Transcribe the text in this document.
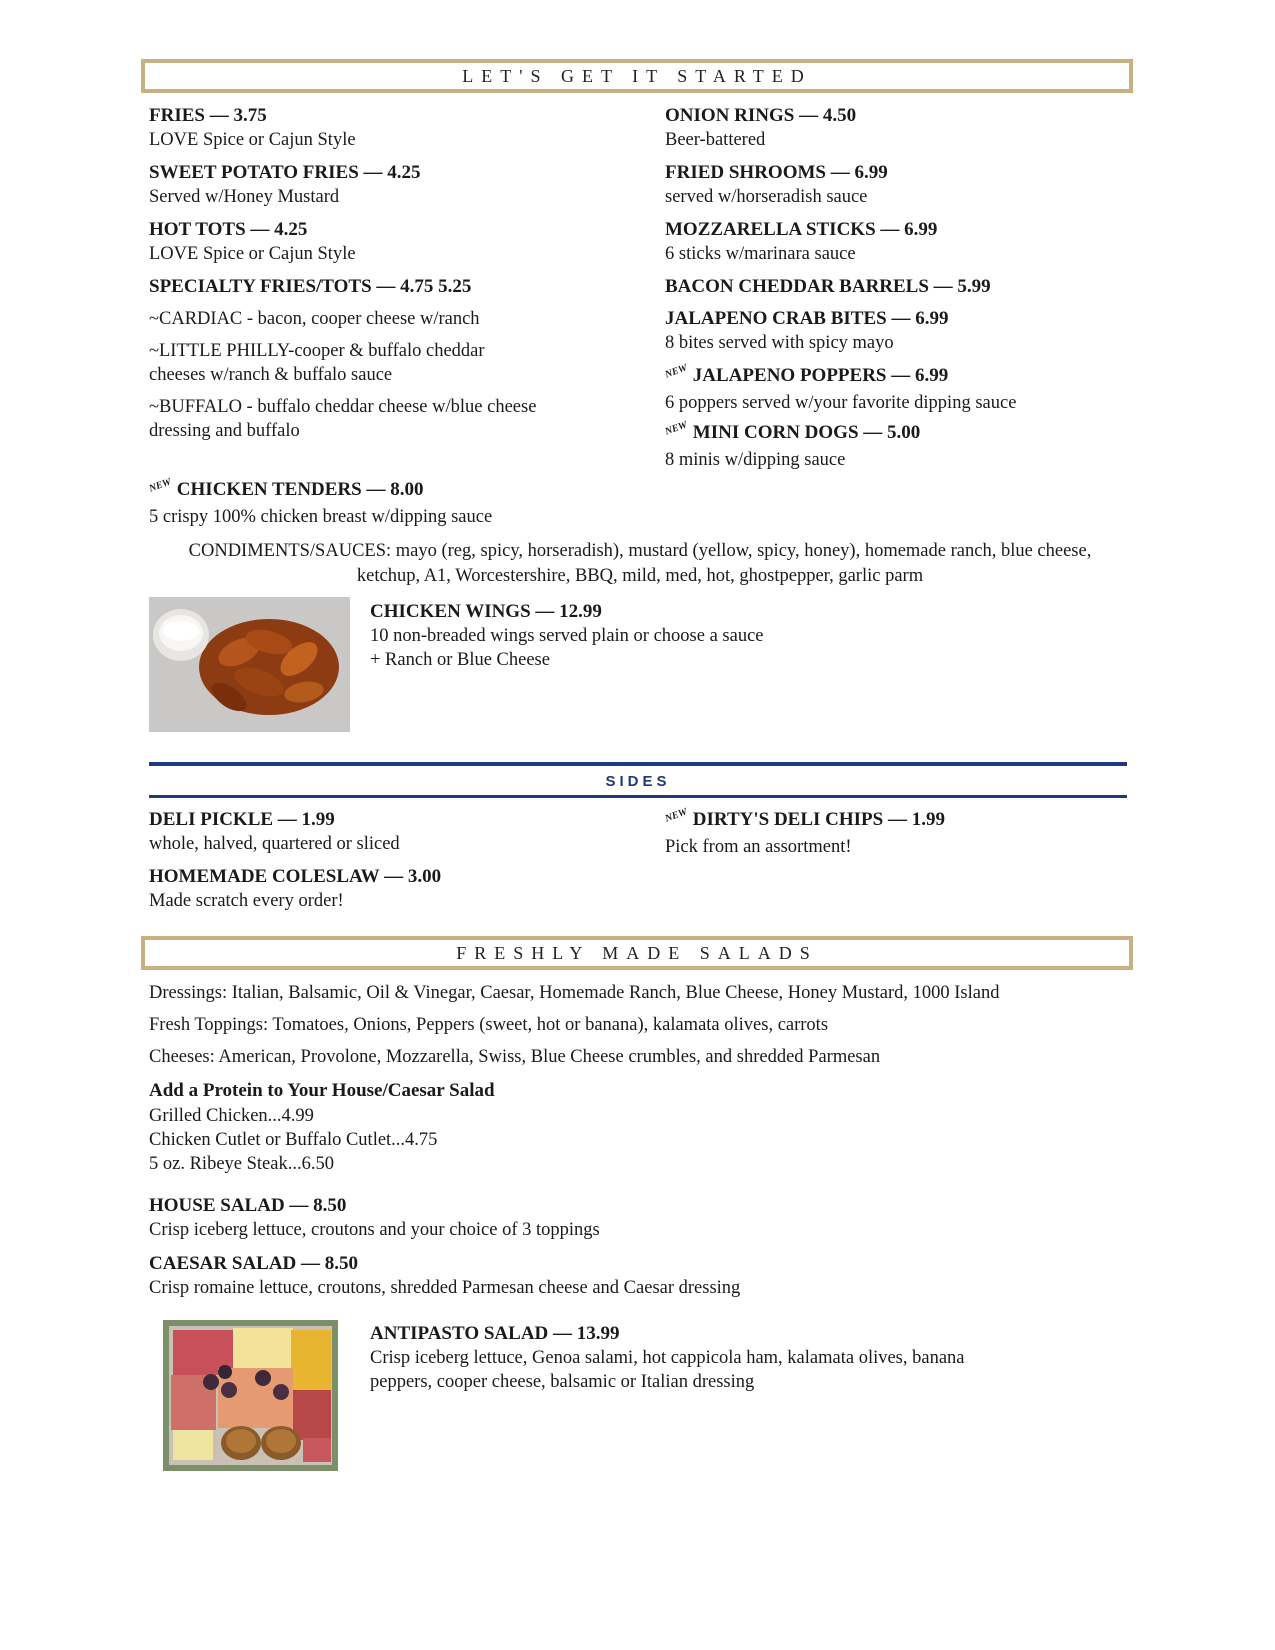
LET'S GET IT STARTED
FRIES — 3.75
LOVE Spice or Cajun Style
SWEET POTATO FRIES — 4.25
Served w/Honey Mustard
HOT TOTS — 4.25
LOVE Spice or Cajun Style
SPECIALTY FRIES/TOTS — 4.75 5.25
~CARDIAC - bacon, cooper cheese w/ranch
~LITTLE PHILLY-cooper & buffalo cheddar cheeses w/ranch & buffalo sauce
~BUFFALO - buffalo cheddar cheese w/blue cheese dressing and buffalo
ONION RINGS — 4.50
Beer-battered
FRIED SHROOMS — 6.99
served w/horseradish sauce
MOZZARELLA STICKS — 6.99
6 sticks w/marinara sauce
BACON CHEDDAR BARRELS — 5.99
JALAPENO CRAB BITES — 6.99
8 bites served with spicy mayo
NEW JALAPENO POPPERS — 6.99
6 poppers served w/your favorite dipping sauce
NEW MINI CORN DOGS — 5.00
8 minis w/dipping sauce
NEW CHICKEN TENDERS — 8.00
5 crispy 100% chicken breast w/dipping sauce
CONDIMENTS/SAUCES: mayo (reg, spicy, horseradish), mustard (yellow, spicy, honey), homemade ranch, blue cheese, ketchup, A1, Worcestershire, BBQ, mild, med, hot, ghostpepper, garlic parm
CHICKEN WINGS — 12.99
10 non-breaded wings served plain or choose a sauce
+ Ranch or Blue Cheese
SIDES
DELI PICKLE — 1.99
whole, halved, quartered or sliced
HOMEMADE COLESLAW — 3.00
Made scratch every order!
NEW DIRTY'S DELI CHIPS — 1.99
Pick from an assortment!
FRESHLY MADE SALADS
Dressings: Italian, Balsamic, Oil & Vinegar, Caesar, Homemade Ranch, Blue Cheese, Honey Mustard, 1000 Island
Fresh Toppings: Tomatoes, Onions, Peppers (sweet, hot or banana), kalamata olives, carrots
Cheeses: American, Provolone, Mozzarella, Swiss, Blue Cheese crumbles, and shredded Parmesan
Add a Protein to Your House/Caesar Salad
Grilled Chicken...4.99
Chicken Cutlet or Buffalo Cutlet...4.75
5 oz. Ribeye Steak...6.50
HOUSE SALAD — 8.50
Crisp iceberg lettuce, croutons and your choice of 3 toppings
CAESAR SALAD — 8.50
Crisp romaine lettuce, croutons, shredded Parmesan cheese and Caesar dressing
ANTIPASTO SALAD — 13.99
Crisp iceberg lettuce, Genoa salami, hot cappicola ham, kalamata olives, banana peppers, cooper cheese, balsamic or Italian dressing
